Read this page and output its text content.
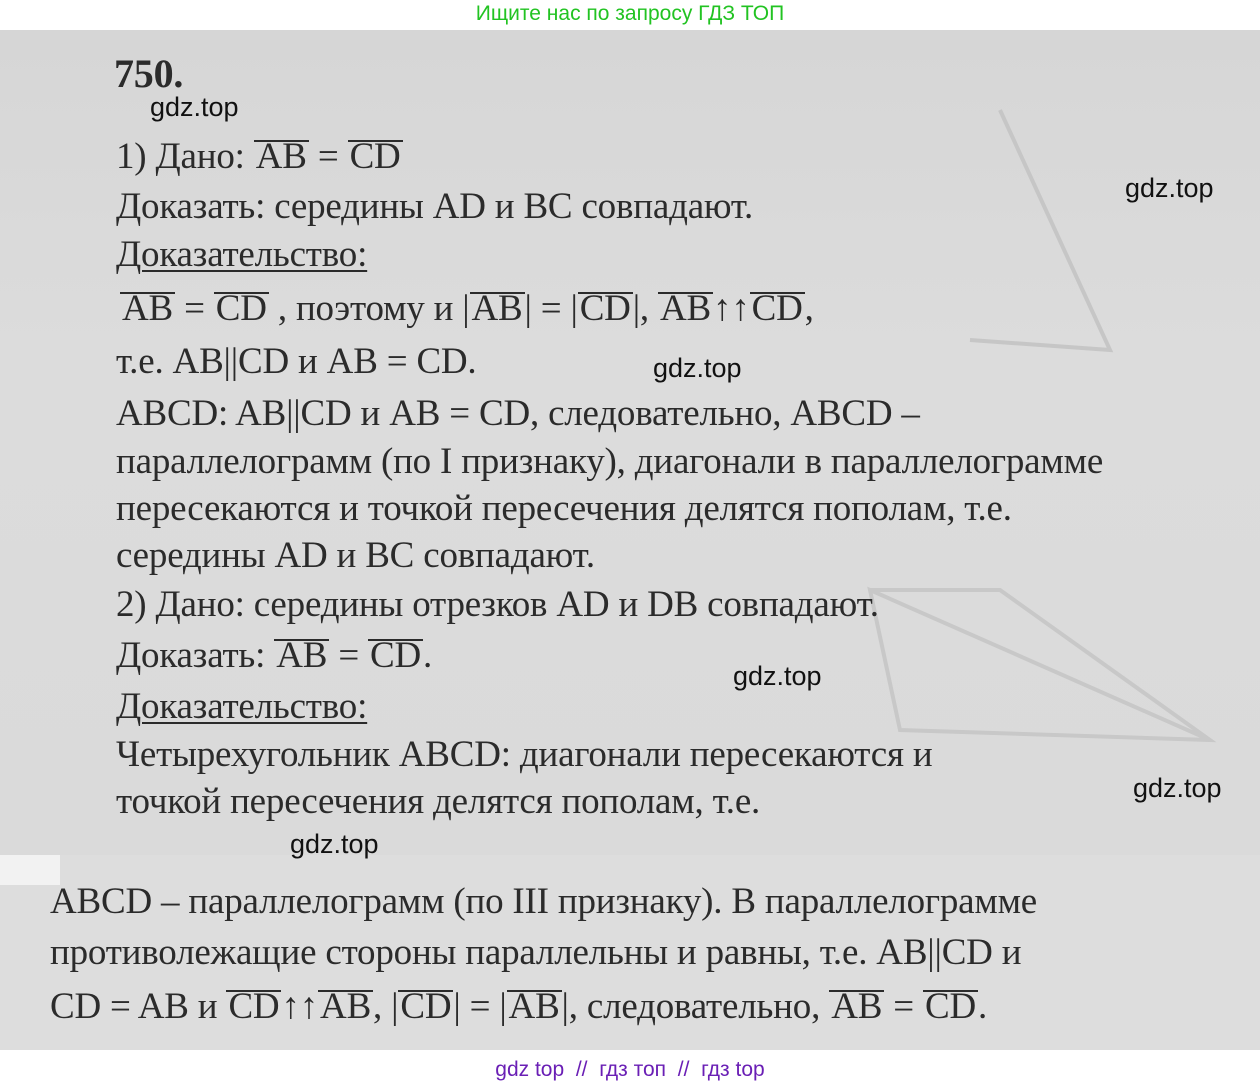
Ищите нас по запросу ГДЗ ТОП
750.
1) Дано: AB = CD
Доказать: середины AD и BC совпадают.
Доказательство:
AB = CD , поэтому и |AB| = |CD|, AB↑↑CD,
т.е. AB||CD и AB = CD.
ABCD: AB||CD и AB = CD, следовательно, ABCD –
параллелограмм (по I признаку), диагонали в параллелограмме
пересекаются и точкой пересечения делятся пополам, т.е.
середины AD и BC совпадают.
2) Дано: середины отрезков AD и DB совпадают.
Доказать: AB = CD.
Доказательство:
Четырехугольник ABCD: диагонали пересекаются и
точкой пересечения делятся пополам, т.е.
ABCD – параллелограмм (по III признаку). В параллелограмме
противолежащие стороны параллельны и равны, т.е. AB||CD и
CD = AB и CD↑↑AB, |CD| = |AB|, следовательно, AB = CD.
gdz.top
gdz.top
gdz.top
gdz.top
gdz.top
gdz.top
gdz top // гдз топ // гдз top
